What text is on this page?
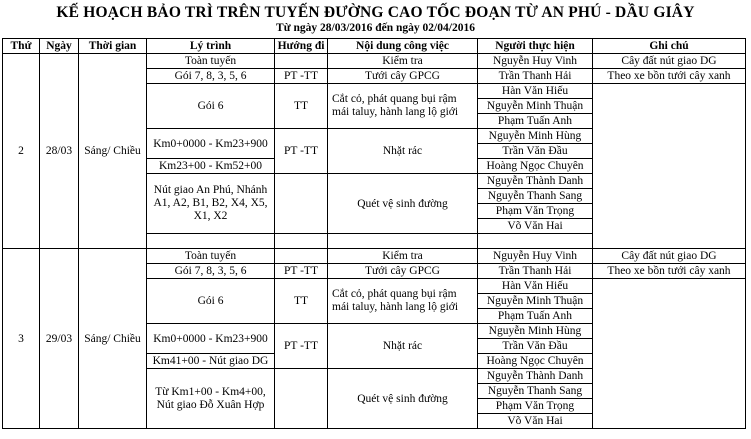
KẾ HOẠCH BẢO TRÌ TRÊN TUYẾN ĐƯỜNG CAO TỐC ĐOẠN TỪ AN PHÚ - DẦU GIÂY
Từ ngày 28/03/2016 đến ngày 02/04/2016
Thứ	Ngày	Thời gian	Lý trình	Hướng đi	Nội dung công việc	Người thực hiện	Ghi chú
2	28/03	Sáng/ Chiều	Toàn tuyến		Kiểm tra	Nguyễn Huy Vinh	Cây đất nút giao DG
			Gói 7, 8, 3, 5, 6	PT -TT	Tưới cây GPCG	Trần Thanh Hải	Theo xe bồn tưới cây xanh
			Gói 6	TT	Cắt cỏ, phát quang bụi rậm mái taluy, hành lang lộ giới	Hàn Văn Hiếu	
						Nguyễn Minh Thuận	
						Phạm Tuấn Anh	
			Km0+0000 - Km23+900	PT -TT	Nhặt rác	Nguyễn Minh Hùng	
						Trần Văn Đầu	
			Km23+00 - Km52+00			Hoàng Ngọc Chuyên	
			Nút giao An Phú, Nhánh A1, A2, B1, B2, X4, X5, X1, X2		Quét vệ sinh đường	Nguyễn Thành Danh	
						Nguyễn Thanh Sang	
						Phạm Văn Trọng	
						Võ Văn Hai	

3	29/03	Sáng/ Chiều	Toàn tuyến		Kiểm tra	Nguyễn Huy Vinh	Cây đất nút giao DG
			Gói 7, 8, 3, 5, 6	PT -TT	Tưới cây GPCG	Trần Thanh Hải	Theo xe bồn tưới cây xanh
			Gói 6	TT	Cắt cỏ, phát quang bụi rậm mái taluy, hành lang lộ giới	Hàn Văn Hiếu	
						Nguyễn Minh Thuận	
						Phạm Tuấn Anh	
			Km0+0000 - Km23+900	PT -TT	Nhặt rác	Nguyễn Minh Hùng	
						Trần Văn Đầu	
			Km41+00 - Nút giao DG			Hoàng Ngọc Chuyên	
			Từ Km1+00 - Km4+00, Nút giao Đỗ Xuân Hợp		Quét vệ sinh đường	Nguyễn Thành Danh	
						Nguyễn Thanh Sang	
						Phạm Văn Trọng	
						Võ Văn Hai	
